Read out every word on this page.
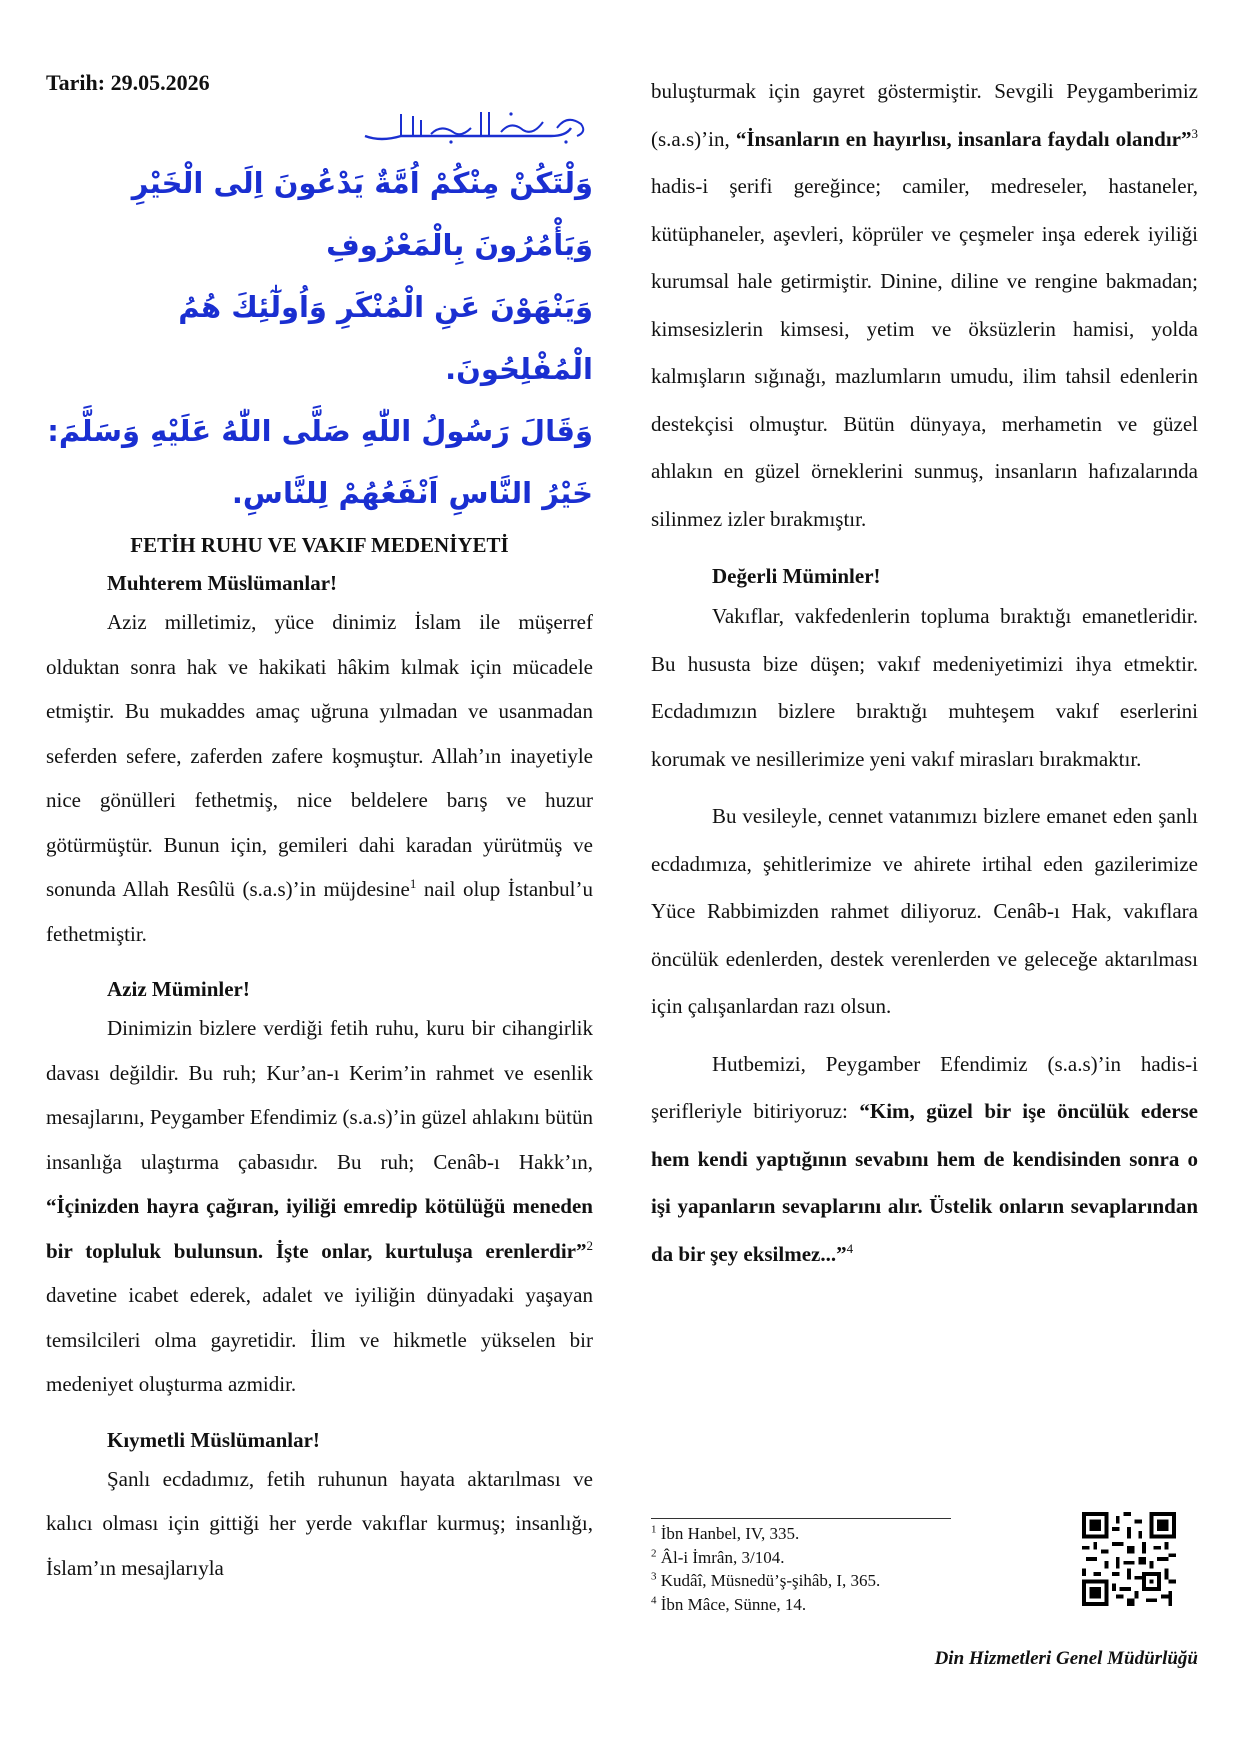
Tarih: 29.05.2026
وَلْتَكُنْ مِنْكُمْ اُمَّةٌ يَدْعُونَ اِلَى الْخَيْرِ وَيَأْمُرُونَ بِالْمَعْرُوفِ
وَيَنْهَوْنَ عَنِ الْمُنْكَرِ وَاُولٰٓئِكَ هُمُ الْمُفْلِحُونَ.
وَقَالَ رَسُولُ اللّٰهِ صَلَّى اللّٰهُ عَلَيْهِ وَسَلَّمَ:
خَيْرُ النَّاسِ اَنْفَعُهُمْ لِلنَّاسِ.
FETİH RUHU VE VAKIF MEDENİYETİ
Muhterem Müslümanlar!

Aziz milletimiz, yüce dinimiz İslam ile müşerref olduktan sonra hak ve hakikati hâkim kılmak için mücadele etmiştir. Bu mukaddes amaç uğruna yılmadan ve usanmadan seferden sefere, zaferden zafere koşmuştur. Allah’ın inayetiyle nice gönülleri fethetmiş, nice beldelere barış ve huzur götürmüştür. Bunun için, gemileri dahi karadan yürütmüş ve sonunda Allah Resûlü (s.a.s)’in müjdesine$^1$ nail olup İstanbul’u fethetmiştir.

Aziz Müminler!

Dinimizin bizlere verdiği fetih ruhu, kuru bir cihangirlik davası değildir. Bu ruh; Kur’an-ı Kerim’in rahmet ve esenlik mesajlarını, Peygamber Efendimiz (s.a.s)’in güzel ahlakını bütün insanlığa ulaştırma çabasıdır. Bu ruh; Cenâb-ı Hakk’ın, “İçinizden hayra çağıran, iyiliği emredip kötülüğü meneden bir topluluk bulunsun. İşte onlar, kurtuluşa erenlerdir”$^2$ davetine icabet ederek, adalet ve iyiliğin dünyadaki yaşayan temsilcileri olma gayretidir. İlim ve hikmetle yükselen bir medeniyet oluşturma azmidir.

Kıymetli Müslümanlar!

Şanlı ecdadımız, fetih ruhunun hayata aktarılması ve kalıcı olması için gittiği her yerde vakıflar kurmuş; insanlığı, İslam’ın mesajlarıyla

buluşturmak için gayret göstermiştir. Sevgili Peygamberimiz (s.a.s)’in, “İnsanların en hayırlısı, insanlara faydalı olandır”$^3$ hadis-i şerifi gereğince; camiler, medreseler, hastaneler, kütüphaneler, aşevleri, köprüler ve çeşmeler inşa ederek iyiliği kurumsal hale getirmiştir. Dinine, diline ve rengine bakmadan; kimsesizlerin kimsesi, yetim ve öksüzlerin hamisi, yolda kalmışların sığınağı, mazlumların umudu, ilim tahsil edenlerin destekçisi olmuştur. Bütün dünyaya, merhametin ve güzel ahlakın en güzel örneklerini sunmuş, insanların hafızalarında silinmez izler bırakmıştır.

Değerli Müminler!

Vakıflar, vakfedenlerin topluma bıraktığı emanetleridir. Bu hususta bize düşen; vakıf medeniyetimizi ihya etmektir. Ecdadımızın bizlere bıraktığı muhteşem vakıf eserlerini korumak ve nesillerimize yeni vakıf mirasları bırakmaktır.

Bu vesileyle, cennet vatanımızı bizlere emanet eden şanlı ecdadımıza, şehitlerimize ve ahirete irtihal eden gazilerimize Yüce Rabbimizden rahmet diliyoruz. Cenâb-ı Hak, vakıflara öncülük edenlerden, destek verenlerden ve geleceğe aktarılması için çalışanlardan razı olsun.

Hutbemizi, Peygamber Efendimiz (s.a.s)’in hadis-i şerifleriyle bitiriyoruz: “Kim, güzel bir işe öncülük ederse hem kendi yaptığının sevabını hem de kendisinden sonra o işi yapanların sevaplarını alır. Üstelik onların sevaplarından da bir şey eksilmez...”$^4$

$^1$ İbn Hanbel, IV, 335.
$^2$ Âl-i İmrân, 3/104.
$^3$ Kudâî, Müsnedü’ş-şihâb, I, 365.
$^4$ İbn Mâce, Sünne, 14.
Din Hizmetleri Genel Müdürlüğü
